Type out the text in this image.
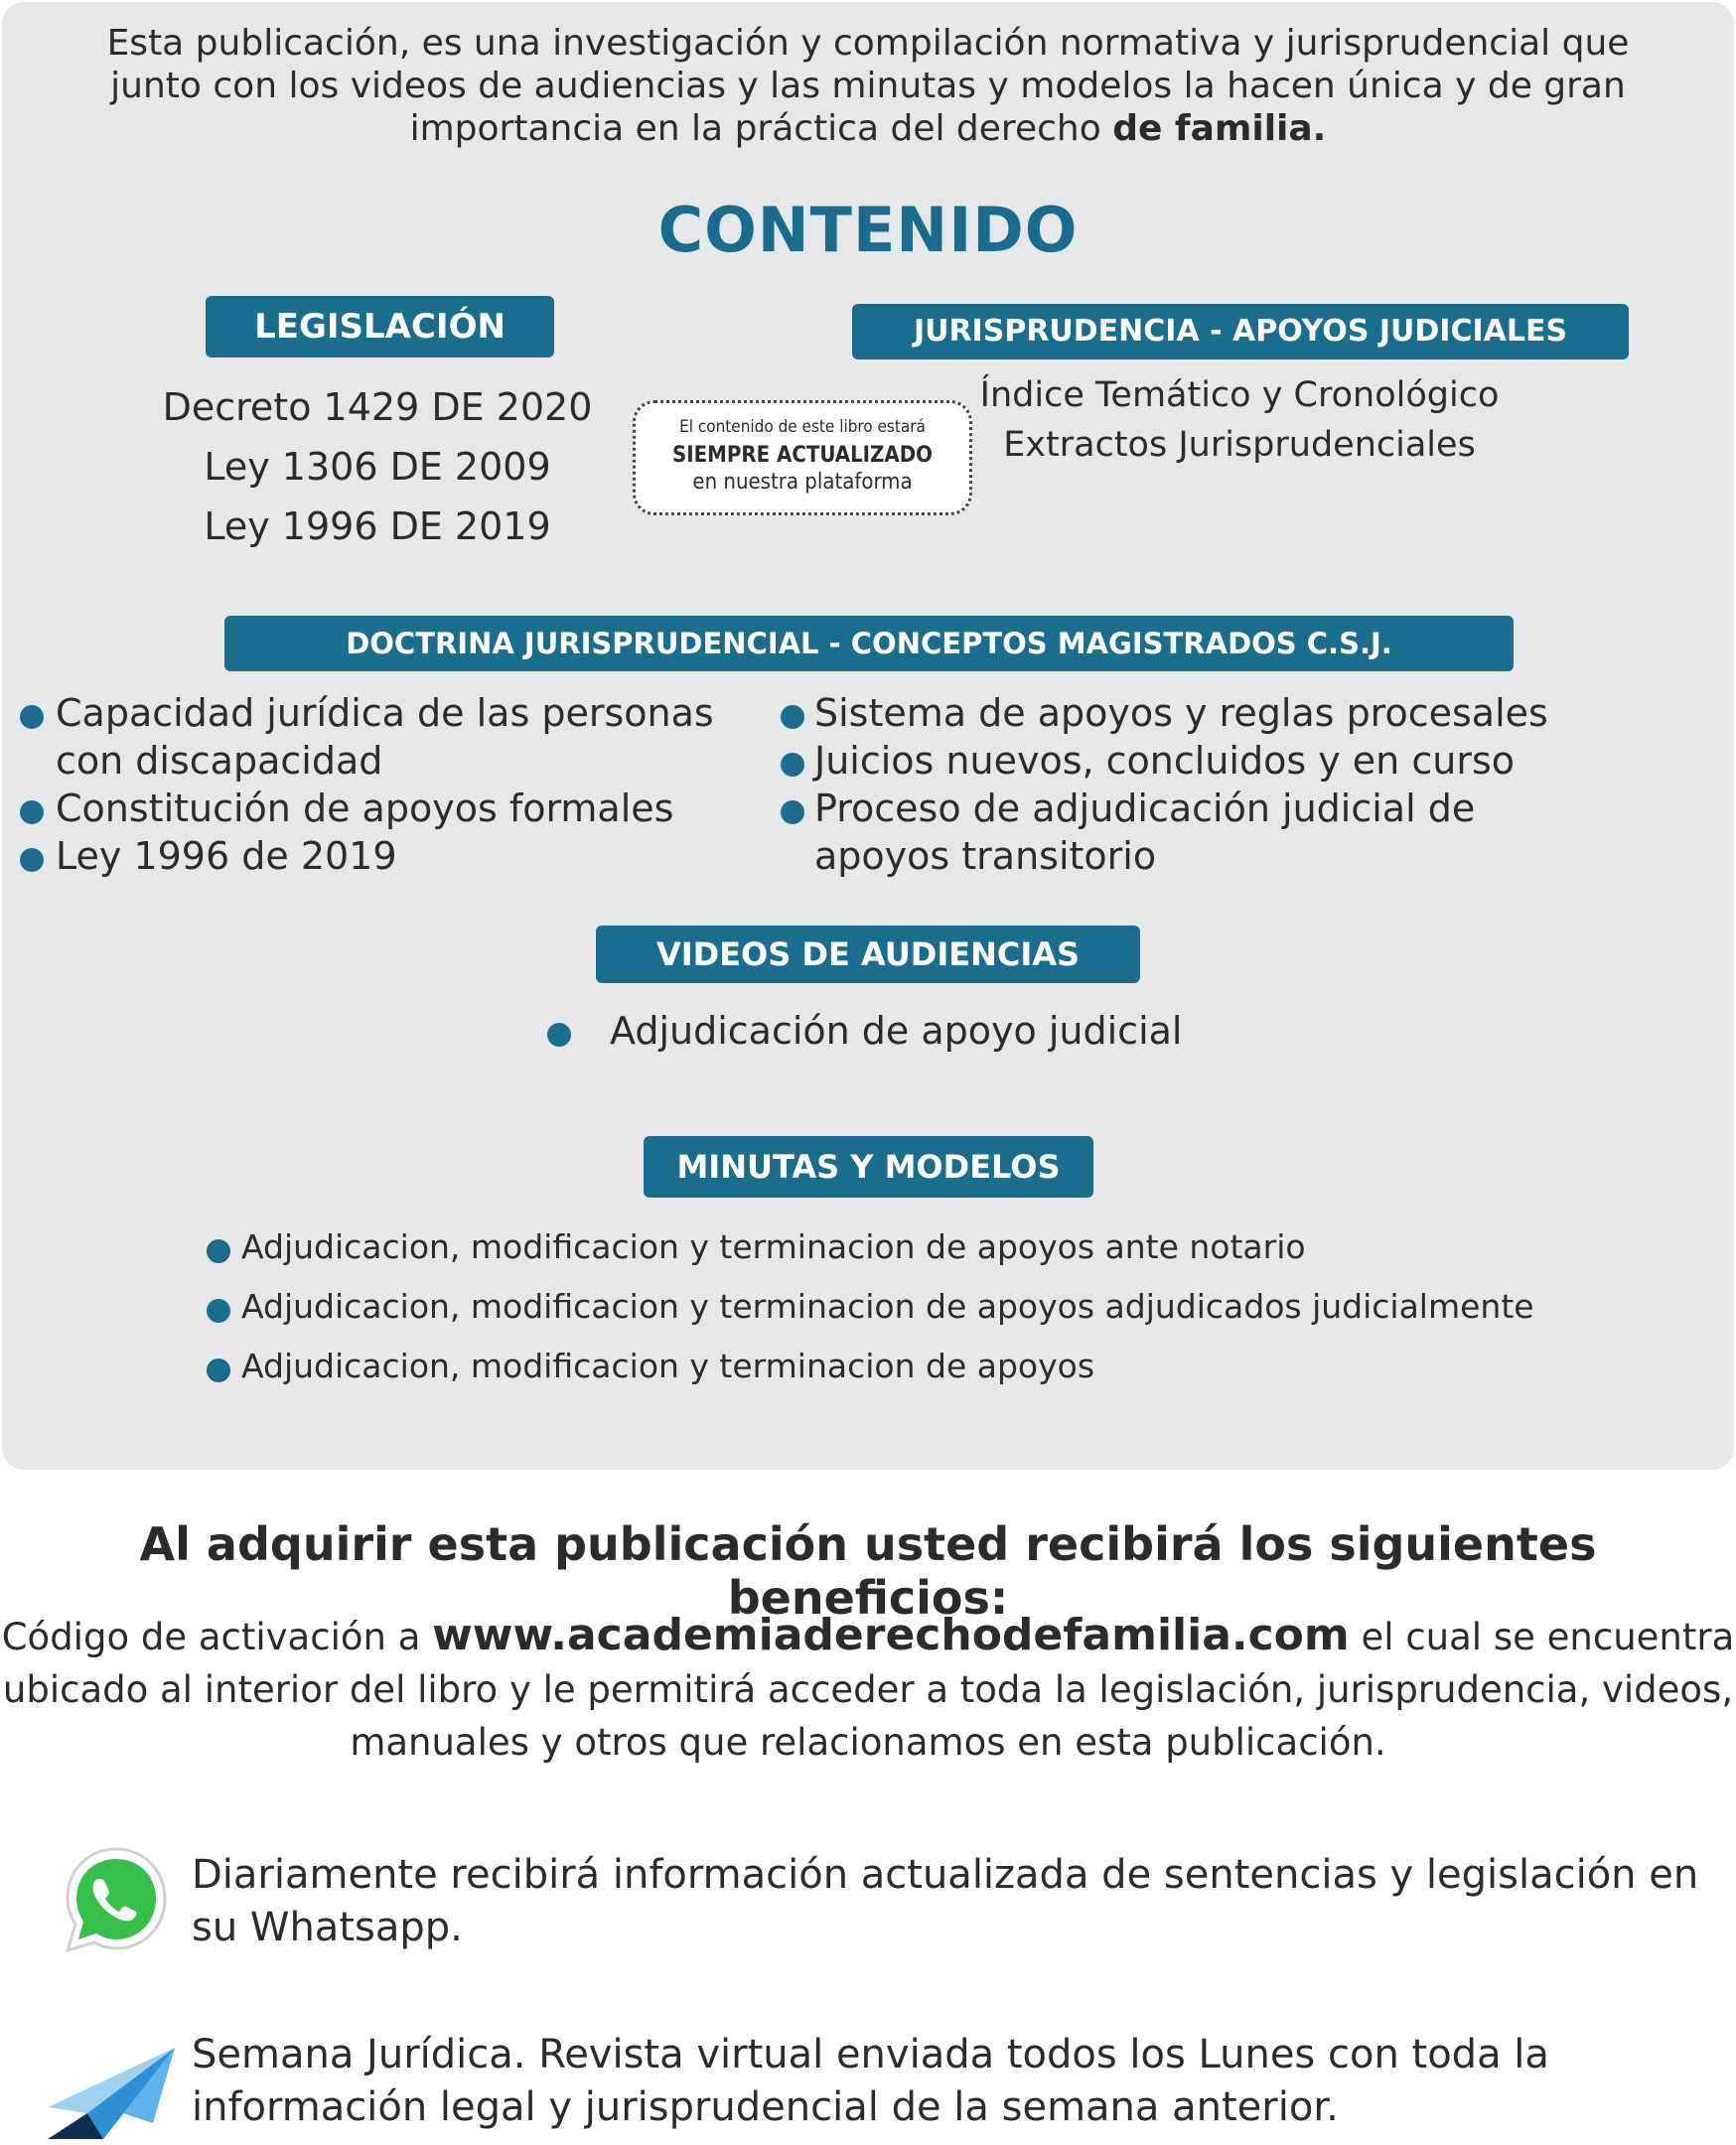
Esta publicación, es una investigación y compilación normativa y jurisprudencial que junto con los videos de audiencias y las minutas y modelos la hacen única y de gran importancia en la práctica del derecho de familia.
CONTENIDO
LEGISLACIÓN
Decreto 1429 DE 2020
Ley 1306 DE 2009
Ley 1996 DE 2019
El contenido de este libro estará
SIEMPRE ACTUALIZADO
en nuestra plataforma
JURISPRUDENCIA - APOYOS JUDICIALES
Índice Temático y Cronológico
Extractos Jurisprudenciales
DOCTRINA JURISPRUDENCIAL - CONCEPTOS MAGISTRADOS C.S.J.
Capacidad jurídica de las personas
con discapacidad
Constitución de apoyos formales
Ley 1996 de 2019
Sistema de apoyos y reglas procesales
Juicios nuevos, concluidos y en curso
Proceso de adjudicación judicial de
apoyos transitorio
VIDEOS DE AUDIENCIAS
Adjudicación de apoyo judicial
MINUTAS Y MODELOS
Adjudicacion, modificacion y terminacion de apoyos ante notario
Adjudicacion, modificacion y terminacion de apoyos adjudicados judicialmente
Adjudicacion, modificacion y terminacion de apoyos
Al adquirir esta publicación usted recibirá los siguientes beneficios:
Código de activación a www.academiaderechodefamilia.com el cual se encuentra ubicado al interior del libro y le permitirá acceder a toda la legislación, jurisprudencia, videos, manuales y otros que relacionamos en esta publicación.
Diariamente recibirá información actualizada de sentencias y legislación en su Whatsapp.
Semana Jurídica. Revista virtual enviada todos los Lunes con toda la información legal y jurisprudencial de la semana anterior.
